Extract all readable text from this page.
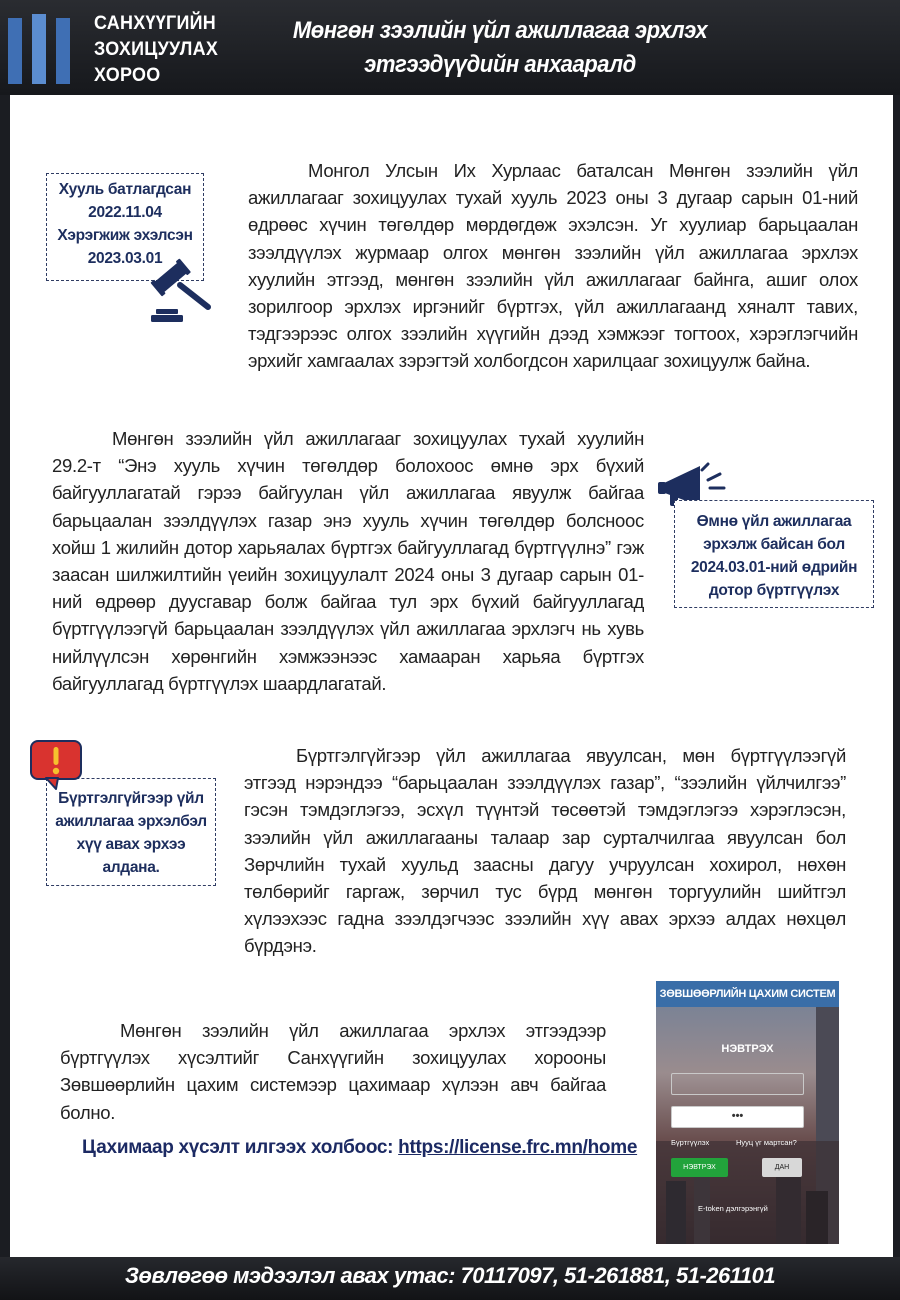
САНХҮҮГИЙН
ЗОХИЦУУЛАХ
ХОРОО
Мөнгөн зээлийн үйл ажиллагаа эрхлэх
этгээдүүдийн анхааралд
Хууль батлагдсан
2022.11.04
Хэрэгжиж эхэлсэн
2023.03.01
Монгол Улсын Их Хурлаас баталсан Мөнгөн зээлийн үйл ажиллагааг зохицуулах тухай хууль 2023 оны 3 дугаар сарын 01-ний өдрөөс хүчин төгөлдөр мөрдөгдөж эхэлсэн. Уг хуулиар барьцаалан зээлдүүлэх журмаар олгох мөнгөн зээлийн үйл ажиллагаа эрхлэх хуулийн этгээд, мөнгөн зээлийн үйл ажиллагааг байнга, ашиг олох зорилгоор эрхлэх иргэнийг бүртгэх, үйл ажиллагаанд хяналт тавих, тэдгээрээс олгох зээлийн хүүгийн дээд хэмжээг тогтоох, хэрэглэгчийн эрхийг хамгаалах зэрэгтэй холбогдсон харилцааг зохицуулж байна.
Мөнгөн зээлийн үйл ажиллагааг зохицуулах тухай хуулийн 29.2-т “Энэ хууль хүчин төгөлдөр болохоос өмнө эрх бүхий байгууллагатай гэрээ байгуулан үйл ажиллагаа явуулж байгаа барьцаалан зээлдүүлэх газар энэ хууль хүчин төгөлдөр болсноос хойш 1 жилийн дотор харьяалах бүртгэх байгууллагад бүртгүүлнэ” гэж заасан шилжилтийн үеийн зохицуулалт 2024 оны 3 дугаар сарын 01-ний өдрөөр дуусгавар болж байгаа тул эрх бүхий байгууллагад бүртгүүлээгүй барьцаалан зээлдүүлэх үйл ажиллагаа эрхлэгч нь хувь нийлүүлсэн хөрөнгийн хэмжээнээс хамааран харьяа бүртгэх байгууллагад бүртгүүлэх шаардлагатай.
Өмнө үйл ажиллагаа
эрхэлж байсан бол
2024.03.01-ний өдрийн
дотор бүртгүүлэх
Бүртгэлгүйгээр үйл
ажиллагаа эрхэлбэл
хүү авах эрхээ
алдана.
Бүртгэлгүйгээр үйл ажиллагаа явуулсан, мөн бүртгүүлээгүй этгээд нэрэндээ “барьцаалан зээлдүүлэх газар”, “зээлийн үйлчилгээ” гэсэн тэмдэглэгээ, эсхүл түүнтэй төсөөтэй тэмдэглэгээ хэрэглэсэн, зээлийн үйл ажиллагааны талаар зар сурталчилгаа явуулсан бол Зөрчлийн тухай хуульд заасны дагуу учруулсан хохирол, нөхөн төлбөрийг гаргаж, зөрчил тус бүрд мөнгөн торгуулийн шийтгэл хүлээхээс гадна зээлдэгчээс зээлийн хүү авах эрхээ алдах нөхцөл бүрдэнэ.
Мөнгөн зээлийн үйл ажиллагаа эрхлэх этгээдээр бүртгүүлэх хүсэлтийг Санхүүгийн зохицуулах хорооны Зөвшөөрлийн цахим системээр цахимаар хүлээн авч байгаа болно.
Цахимаар хүсэлт илгээх холбоос: https://license.frc.mn/home
ЗӨВШӨӨРЛИЙН ЦАХИМ СИСТЕМ
НЭВТРЭХ
•••
Бүртгүүлэх	Нууц үг мартсан?
НЭВТРЭХ	ДАН
E-token дэлгэрэнгүй
Зөвлөгөө мэдээлэл авах утас: 70117097, 51-261881, 51-261101
